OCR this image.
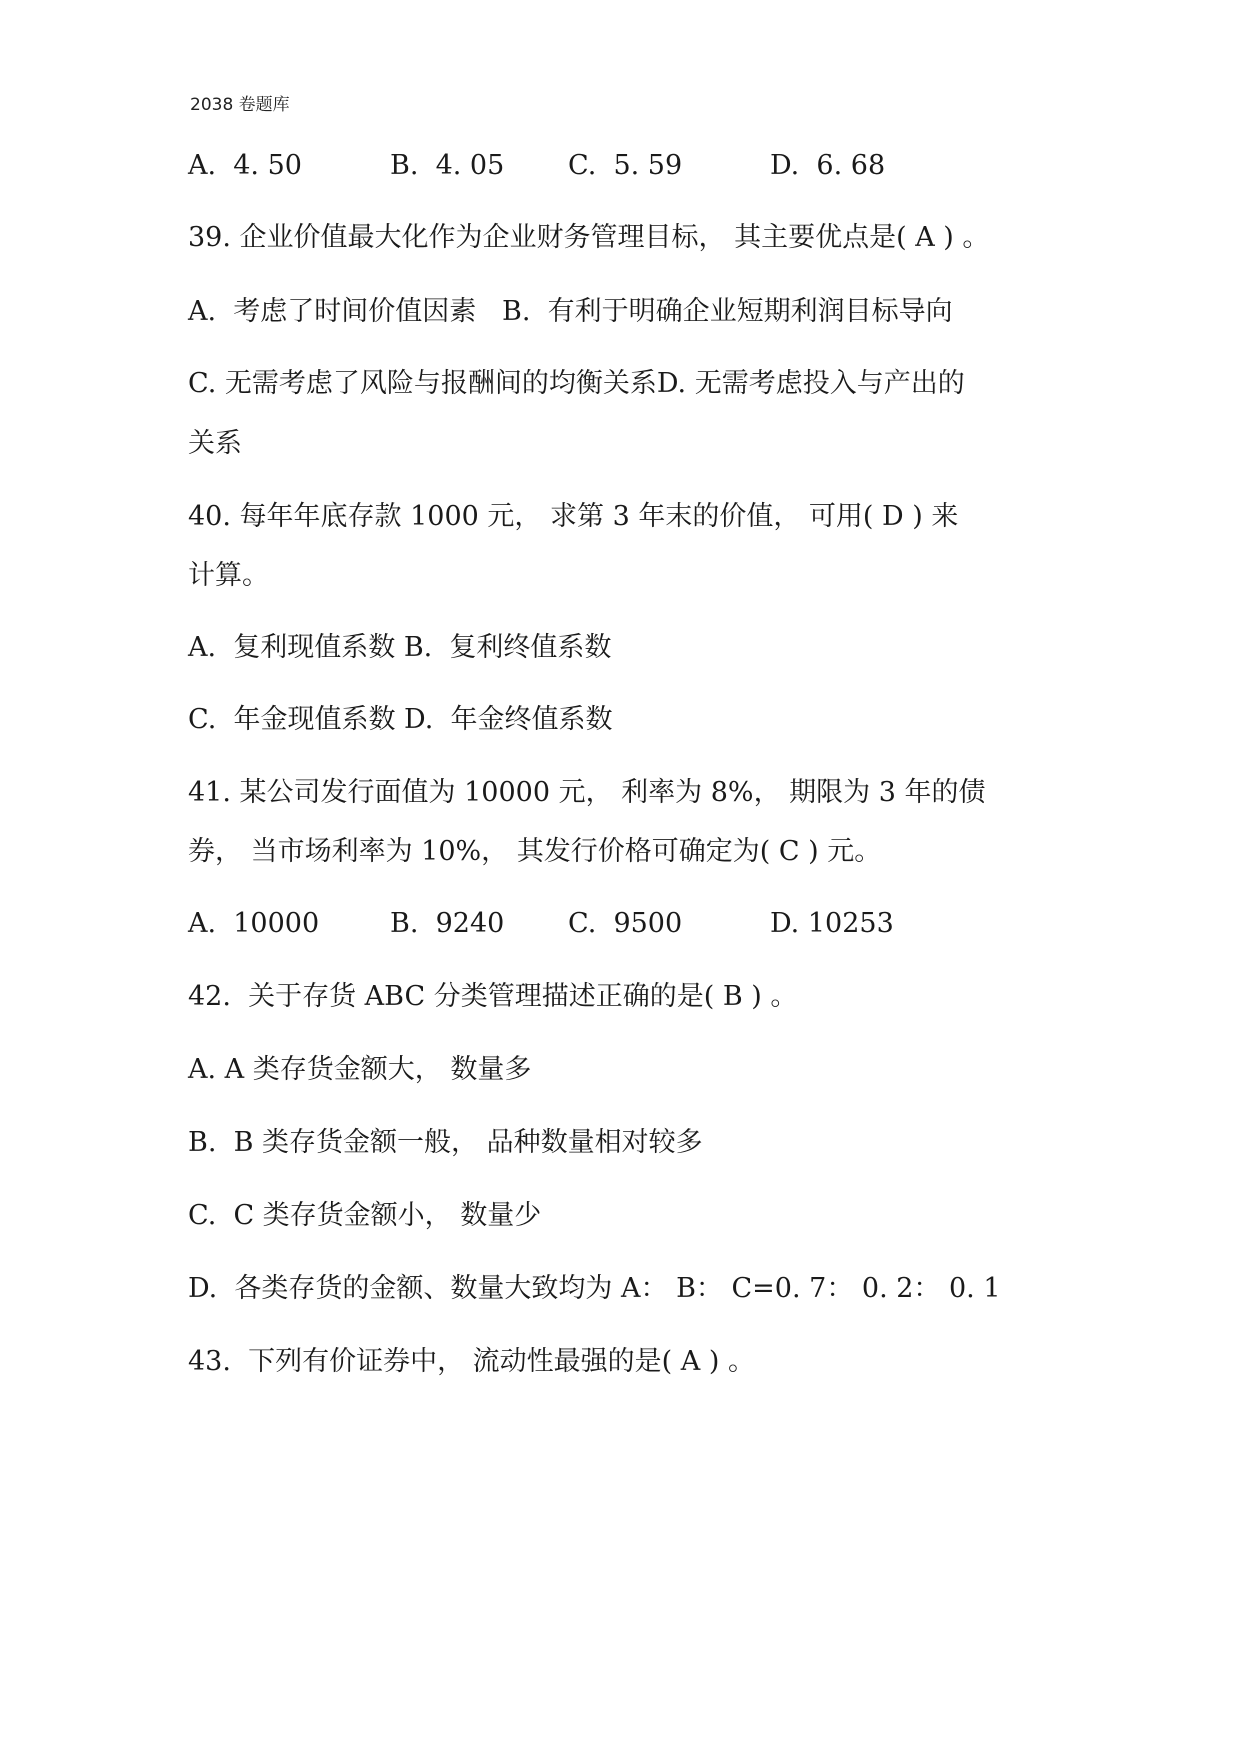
2038 卷题库
A.  4. 50	B.  4. 05 C.  5. 59	D.  6. 68
39. 企业价值最大化作为企业财务管理目标， 其主要优点是( A ) 。
A.  考虑了时间价值因素   B.  有利于明确企业短期利润目标导向
C. 无需考虑了风险与报酬间的均衡关系D. 无需考虑投入与产出的
关系
40. 每年年底存款 1000 元， 求第 3 年末的价值， 可用( D ) 来
计算。
A.  复利现值系数 B.  复利终值系数
C.  年金现值系数 D.  年金终值系数
41. 某公司发行面值为 10000 元， 利率为 8%， 期限为 3 年的债
券， 当市场利率为 10%， 其发行价格可确定为( C ) 元。
A.  10000	B.  9240 C.  9500	D. 10253
42.  关于存货 ABC 分类管理描述正确的是( B ) 。
A. A 类存货金额大， 数量多
B.  B 类存货金额一般， 品种数量相对较多
C.  C 类存货金额小， 数量少
D.  各类存货的金额、数量大致均为 A： B： C=0. 7： 0. 2： 0. 1
43.  下列有价证券中， 流动性最强的是( A ) 。
